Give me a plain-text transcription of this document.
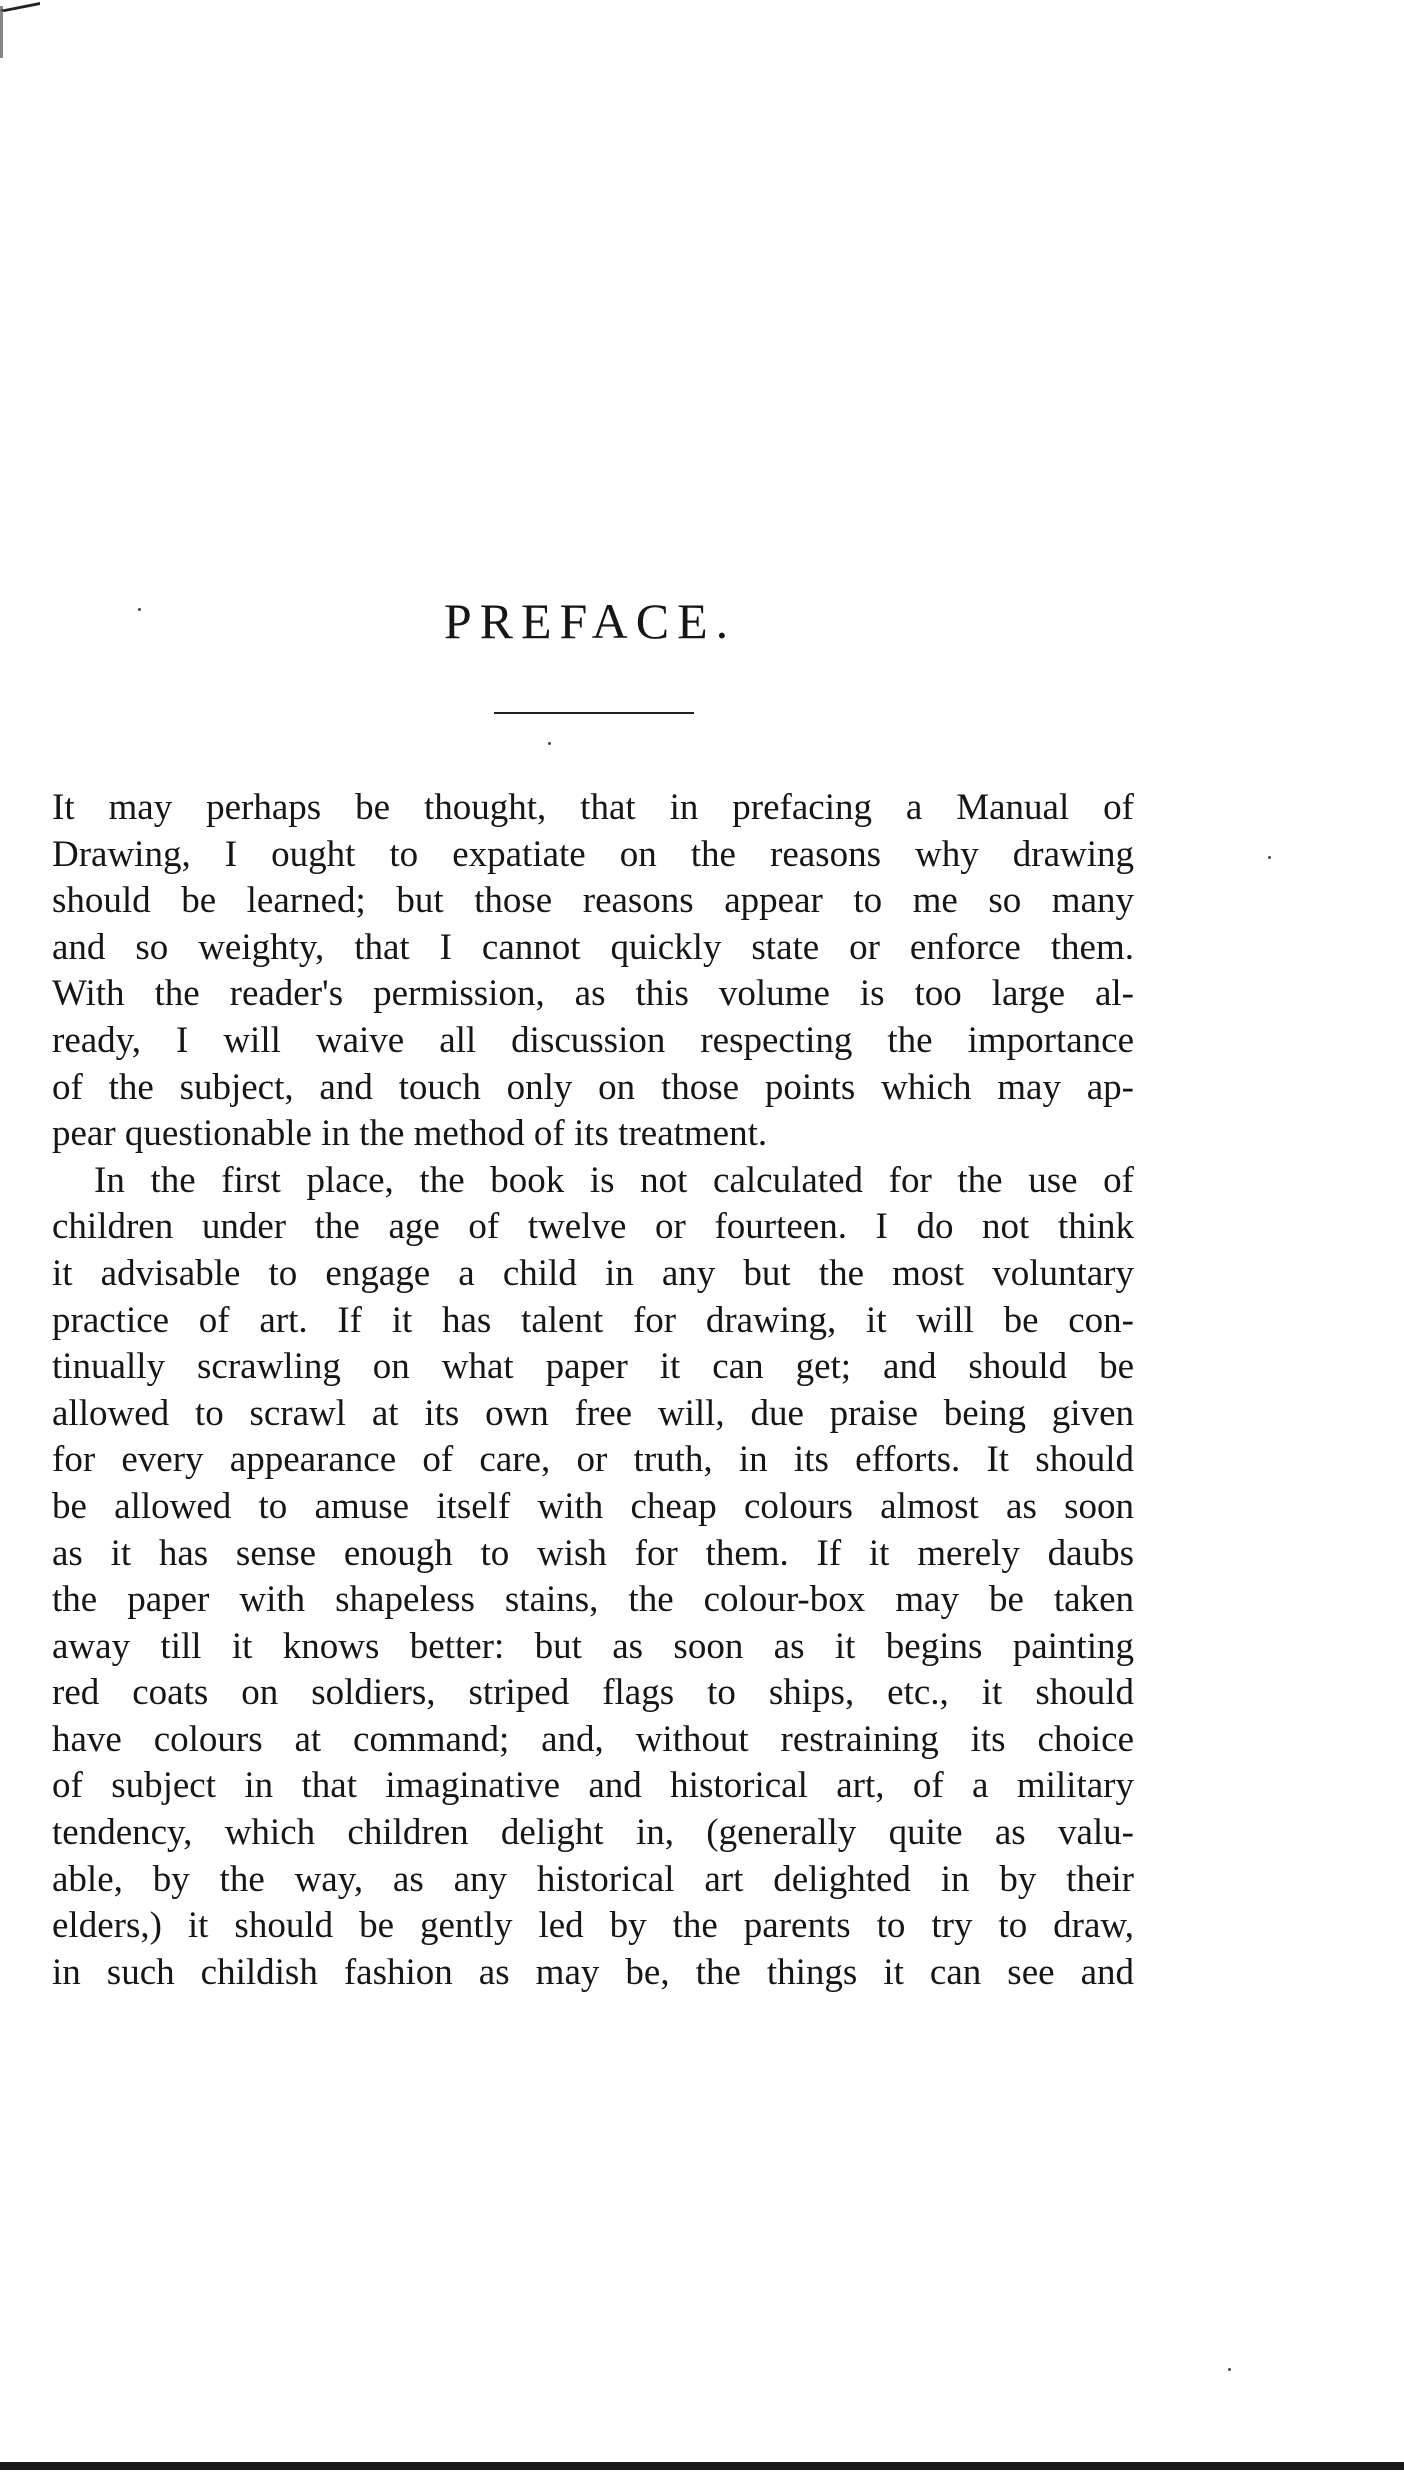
PREFACE.
It may perhaps be thought, that in prefacing a Manual of
Drawing, I ought to expatiate on the reasons why drawing
should be learned; but those reasons appear to me so many
and so weighty, that I cannot quickly state or enforce them.
With the reader's permission, as this volume is too large al-
ready, I will waive all discussion respecting the importance
of the subject, and touch only on those points which may ap-
pear questionable in the method of its treatment.
In the first place, the book is not calculated for the use of
children under the age of twelve or fourteen. I do not think
it advisable to engage a child in any but the most voluntary
practice of art. If it has talent for drawing, it will be con-
tinually scrawling on what paper it can get; and should be
allowed to scrawl at its own free will, due praise being given
for every appearance of care, or truth, in its efforts. It should
be allowed to amuse itself with cheap colours almost as soon
as it has sense enough to wish for them. If it merely daubs
the paper with shapeless stains, the colour-box may be taken
away till it knows better: but as soon as it begins painting
red coats on soldiers, striped flags to ships, etc., it should
have colours at command; and, without restraining its choice
of subject in that imaginative and historical art, of a military
tendency, which children delight in, (generally quite as valu-
able, by the way, as any historical art delighted in by their
elders,) it should be gently led by the parents to try to draw,
in such childish fashion as may be, the things it can see and
